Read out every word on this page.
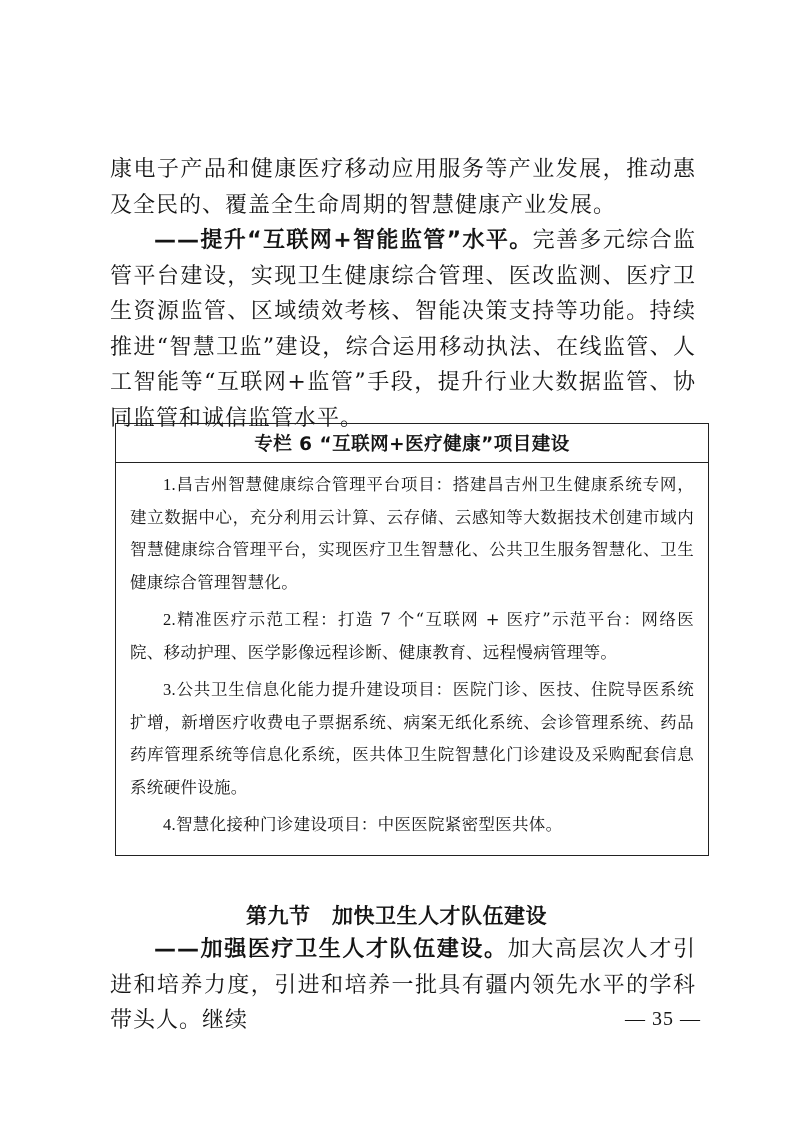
康电子产品和健康医疗移动应用服务等产业发展，推动惠及全民的、覆盖全生命周期的智慧健康产业发展。

——提升“互联网+智能监管”水平。完善多元综合监管平台建设，实现卫生健康综合管理、医改监测、医疗卫生资源监管、区域绩效考核、智能决策支持等功能。持续推进“智慧卫监”建设，综合运用移动执法、在线监管、人工智能等“互联网+监管”手段，提升行业大数据监管、协同监管和诚信监管水平。

专栏 6 “互联网+医疗健康”项目建设

1.昌吉州智慧健康综合管理平台项目：搭建昌吉州卫生健康系统专网，建立数据中心，充分利用云计算、云存储、云感知等大数据技术创建市域内智慧健康综合管理平台，实现医疗卫生智慧化、公共卫生服务智慧化、卫生健康综合管理智慧化。

2.精准医疗示范工程：打造 7 个“互联网 + 医疗”示范平台：网络医院、移动护理、医学影像远程诊断、健康教育、远程慢病管理等。

3.公共卫生信息化能力提升建设项目：医院门诊、医技、住院导医系统扩增，新增医疗收费电子票据系统、病案无纸化系统、会诊管理系统、药品药库管理系统等信息化系统，医共体卫生院智慧化门诊建设及采购配套信息系统硬件设施。

4.智慧化接种门诊建设项目：中医医院紧密型医共体。

第九节　加快卫生人才队伍建设

——加强医疗卫生人才队伍建设。加大高层次人才引进和培养力度，引进和培养一批具有疆内领先水平的学科带头人。继续	— 35 —
